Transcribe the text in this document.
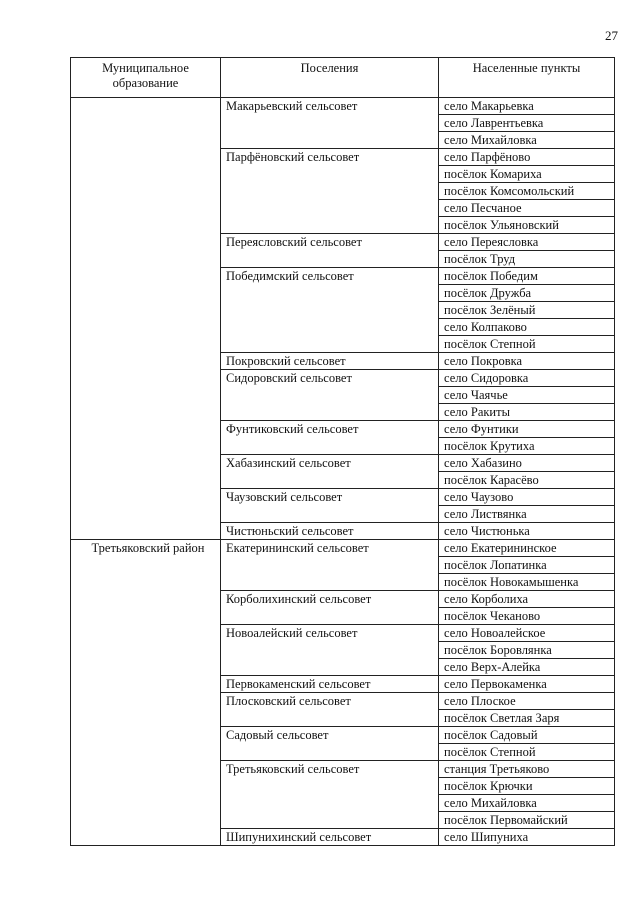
27
Муниципальное образование	Поселения	Населенные пункты
	Макарьевский сельсовет	село Макарьевка
		село Лаврентьевка
		село Михайловка
	Парфёновский сельсовет	село Парфёново
		посёлок Комариха
		посёлок Комсомольский
		село Песчаное
		посёлок Ульяновский
	Переясловский сельсовет	село Переясловка
		посёлок Труд
	Победимский сельсовет	посёлок Победим
		посёлок Дружба
		посёлок Зелёный
		село Колпаково
		посёлок Степной
	Покровский сельсовет	село Покровка
	Сидоровский сельсовет	село Сидоровка
		село Чаячье
		село Ракиты
	Фунтиковский сельсовет	село Фунтики
		посёлок Крутиха
	Хабазинский сельсовет	село Хабазино
		посёлок Карасёво
	Чаузовский сельсовет	село Чаузово
		село Листвянка
	Чистюньский сельсовет	село Чистюнька
Третьяковский район	Екатерининский сельсовет	село Екатерининское
		посёлок Лопатинка
		посёлок Новокамышенка
	Корболихинский сельсовет	село Корболиха
		посёлок Чеканово
	Новоалейский сельсовет	село Новоалейское
		посёлок Боровлянка
		село Верх-Алейка
	Первокаменский сельсовет	село Первокаменка
	Плосковский сельсовет	село Плоское
		посёлок Светлая Заря
	Садовый сельсовет	посёлок Садовый
		посёлок Степной
	Третьяковский сельсовет	станция Третьяково
		посёлок Крючки
		село Михайловка
		посёлок Первомайский
	Шипунихинский сельсовет	село Шипуниха
